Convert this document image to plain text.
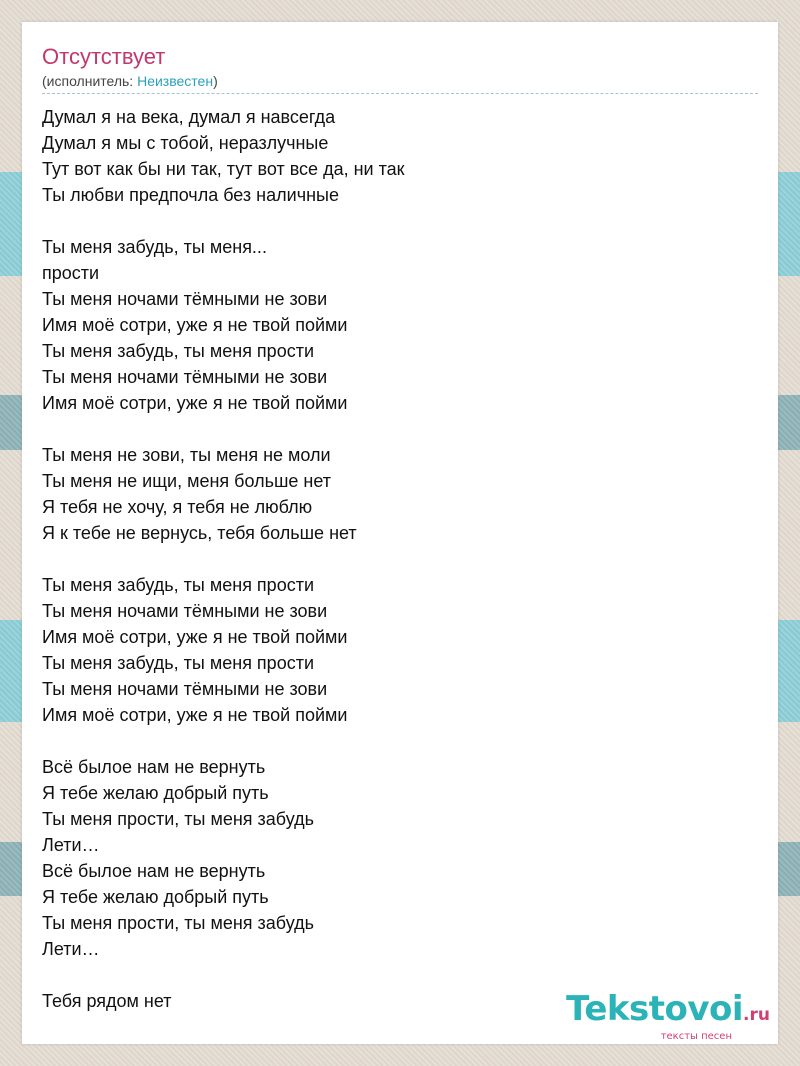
Отсутствует
(исполнитель: Неизвестен)
Думал я на века, думал я навсегда
Думал я мы с тобой, неразлучные
Тут вот как бы ни так, тут вот все да, ни так
Ты любви предпочла без наличные
Ты меня забудь, ты меня...
прости
Ты меня ночами тёмными не зови
Имя моё сотри, уже я не твой пойми
Ты меня забудь, ты меня прости
Ты меня ночами тёмными не зови
Имя моё сотри, уже я не твой пойми
Ты меня не зови, ты меня не моли
Ты меня не ищи, меня больше нет
Я тебя не хочу, я тебя не люблю
Я к тебе не вернусь, тебя больше нет
Ты меня забудь, ты меня прости
Ты меня ночами тёмными не зови
Имя моё сотри, уже я не твой пойми
Ты меня забудь, ты меня прости
Ты меня ночами тёмными не зови
Имя моё сотри, уже я не твой пойми
Всё былое нам не вернуть
Я тебе желаю добрый путь
Ты меня прости, ты меня забудь
Лети…
Всё былое нам не вернуть
Я тебе желаю добрый путь
Ты меня прости, ты меня забудь
Лети…
Тебя рядом нет	Tekstovoi.ru
тексты песен
